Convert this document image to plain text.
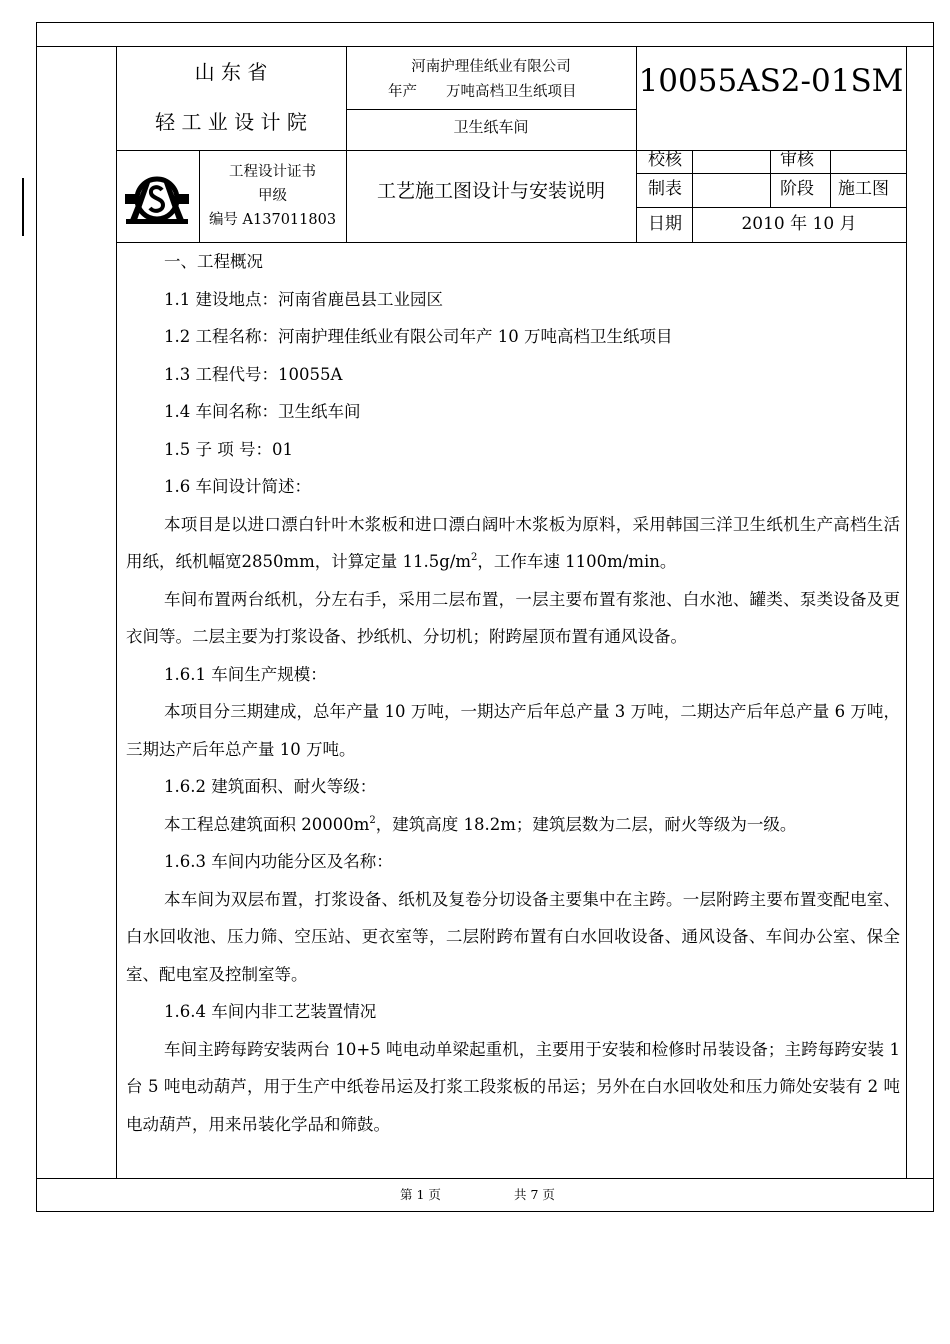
山 东 省
轻 工 业 设 计 院
河南护理佳纸业有限公司
年产 万吨高档卫生纸项目
卫生纸车间
10055AS2-01SM
工程设计证书
甲级
编号 A137011803
工艺施工图设计与安装说明
校核	审核
制表	阶段 施工图
日期	2010 年 10 月

一、工程概况

1.1 建设地点：河南省鹿邑县工业园区

1.2 工程名称：河南护理佳纸业有限公司年产 10 万吨高档卫生纸项目

1.3 工程代号：10055A

1.4 车间名称：卫生纸车间

1.5 子 项 号：01

1.6 车间设计简述：

本项目是以进口漂白针叶木浆板和进口漂白阔叶木浆板为原料，采用韩国三洋卫生纸机生产高档生活用纸，纸机幅宽2850mm，计算定量 $11.5g/m^2$，工作车速 1100m/min。

车间布置两台纸机，分左右手，采用二层布置，一层主要布置有浆池、白水池、罐类、泵类设备及更衣间等。二层主要为打浆设备、抄纸机、分切机；附跨屋顶布置有通风设备。

1.6.1 车间生产规模：

本项目分三期建成，总年产量 10 万吨，一期达产后年总产量 3 万吨，二期达产后年总产量 6 万吨，三期达产后年总产量 10 万吨。

1.6.2 建筑面积、耐火等级：

本工程总建筑面积 $20000m^2$，建筑高度 18.2m；建筑层数为二层，耐火等级为一级。

1.6.3 车间内功能分区及名称：

本车间为双层布置，打浆设备、纸机及复卷分切设备主要集中在主跨。一层附跨主要布置变配电室、白水回收池、压力筛、空压站、更衣室等，二层附跨布置有白水回收设备、通风设备、车间办公室、保全室、配电室及控制室等。

1.6.4 车间内非工艺装置情况

车间主跨每跨安装两台 10+5 吨电动单梁起重机，主要用于安装和检修时吊装设备；主跨每跨安装 1 台 5 吨电动葫芦，用于生产中纸卷吊运及打浆工段浆板的吊运；另外在白水回收处和压力筛处安装有 2 吨电动葫芦，用来吊装化学品和筛鼓。

第 1 页	共 7 页
